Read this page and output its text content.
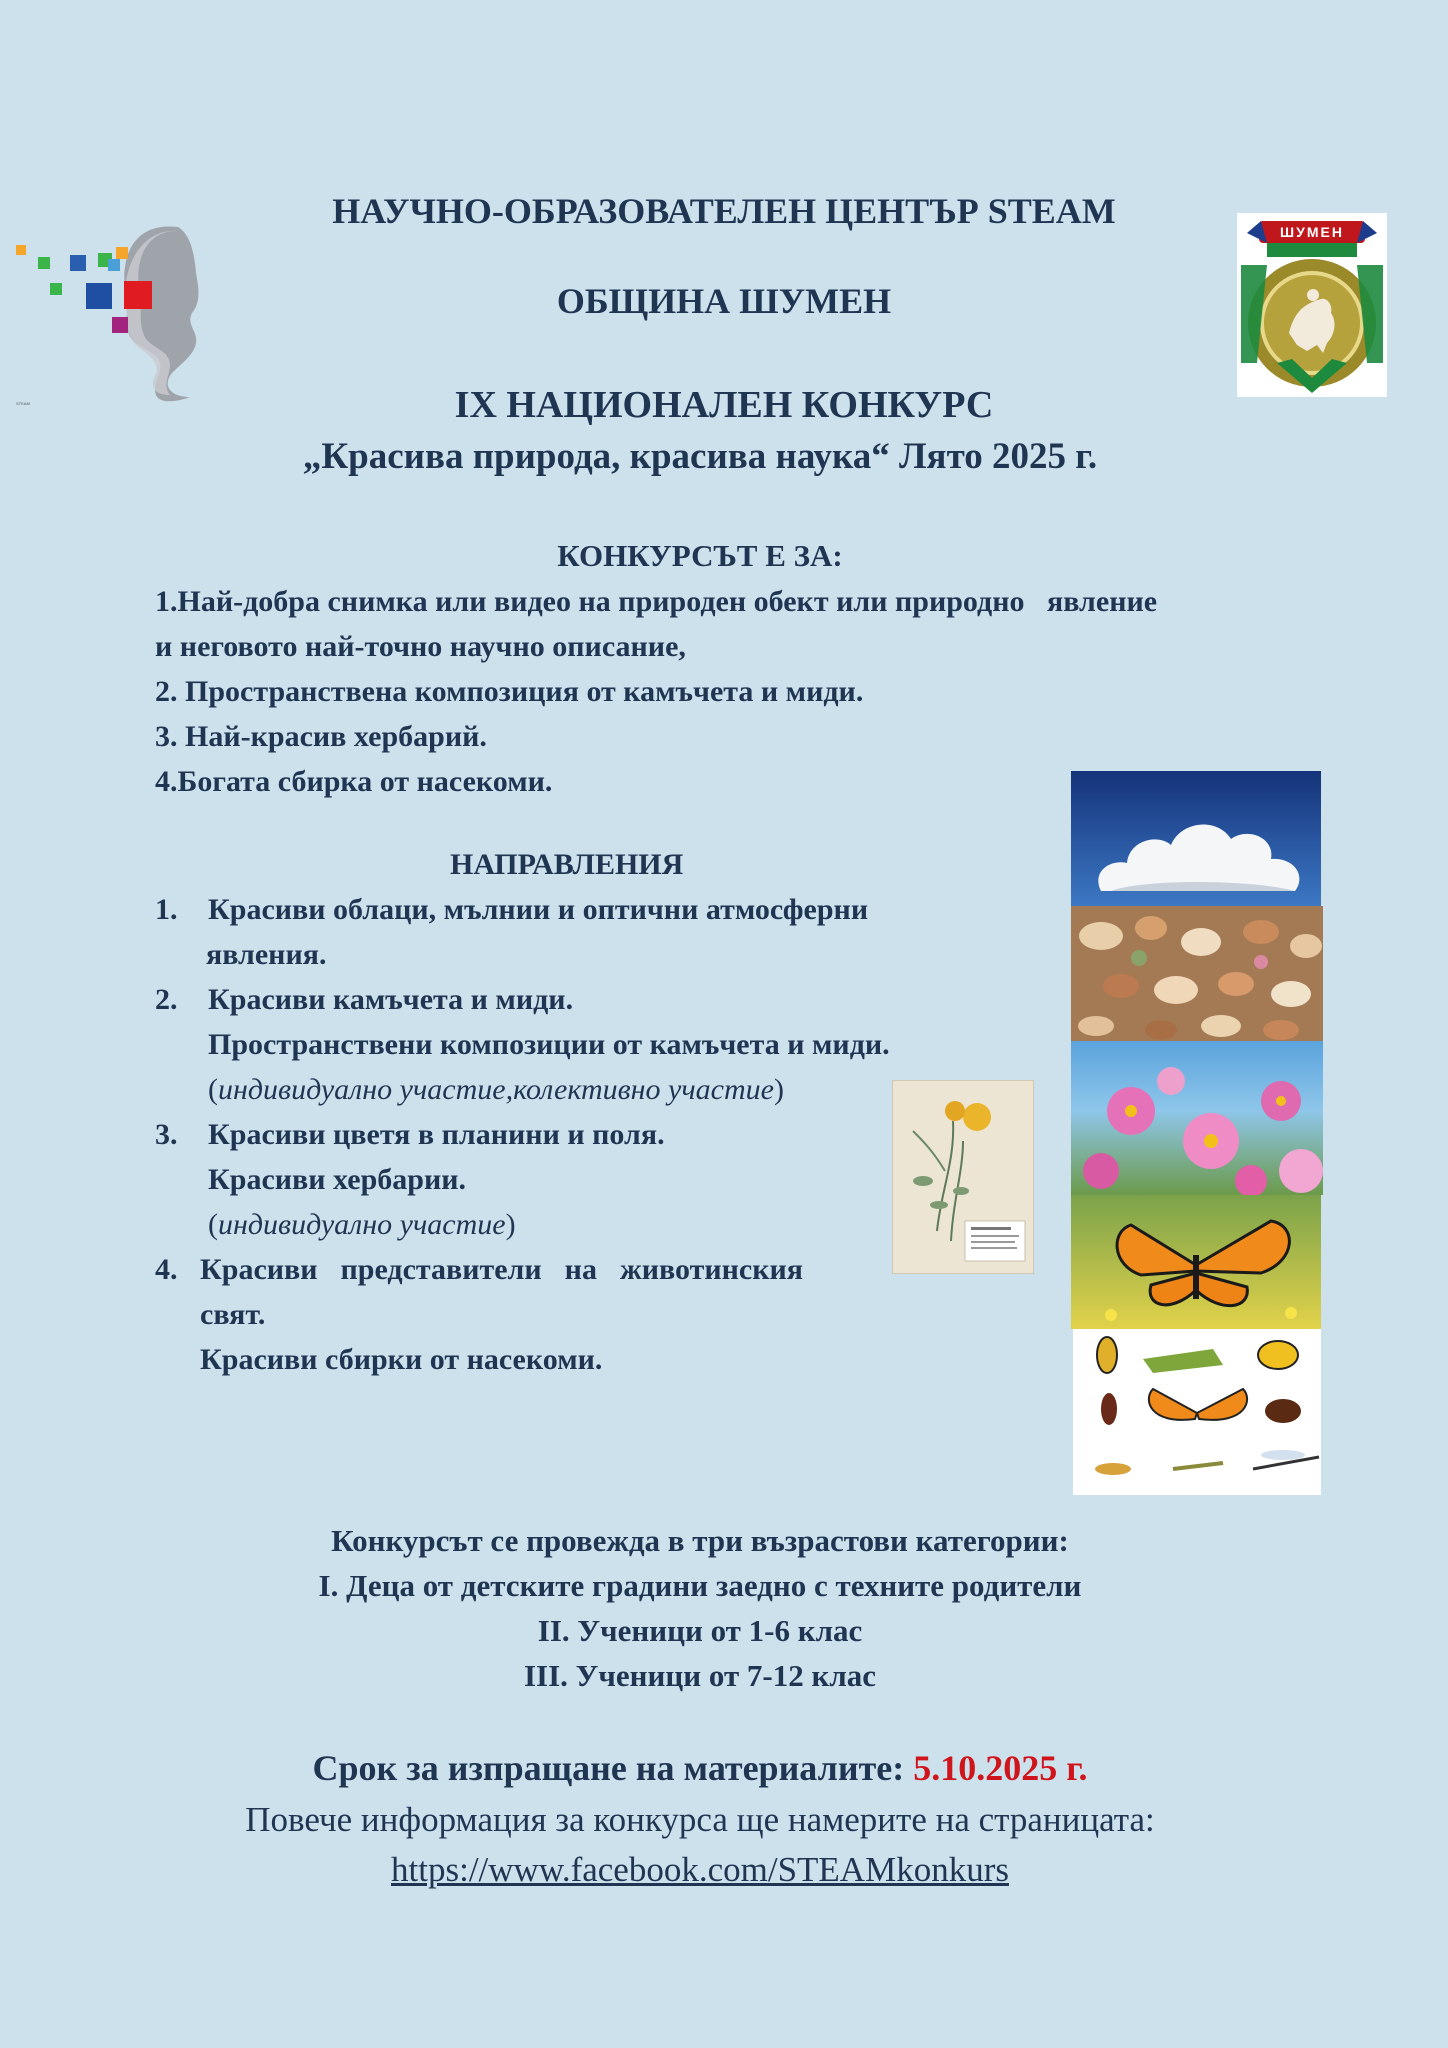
STEAM
ШУМЕН
НАУЧНО-ОБРАЗОВАТЕЛЕН ЦЕНТЪР STEAM
ОБЩИНА ШУМЕН
IX НАЦИОНАЛЕН КОНКУРС
„Красива природа, красива наука“ Лято 2025 г.
КОНКУРСЪТ Е ЗА:
1.Най-добра снимка или видео на природен обект или природно   явление
и неговото най-точно научно описание,
2. Пространствена композиция от камъчета и миди.
3. Най-красив хербарий.
4.Богата сбирка от насекоми.
НАПРАВЛЕНИЯ
1. Красиви облаци, мълнии и оптични атмосферни
явления.
2. Красиви камъчета и миди.
Пространствени композиции от камъчета и миди.
(индивидуално участие,колективно участие)
3. Красиви цветя в планини и поля.
Красиви хербарии.
(индивидуално участие)
4. Красиви  представители  на  животинския
свят.
Красиви сбирки от насекоми.
Конкурсът се провежда в три възрастови категории:
I. Деца от детските градини заедно с техните родители
II. Ученици от 1-6 клас
III. Ученици от 7-12 клас
Срок за изпращане на материалите: 5.10.2025 г.
Повече информация за конкурса ще намерите на страницата:
https://www.facebook.com/STEAMkonkurs
